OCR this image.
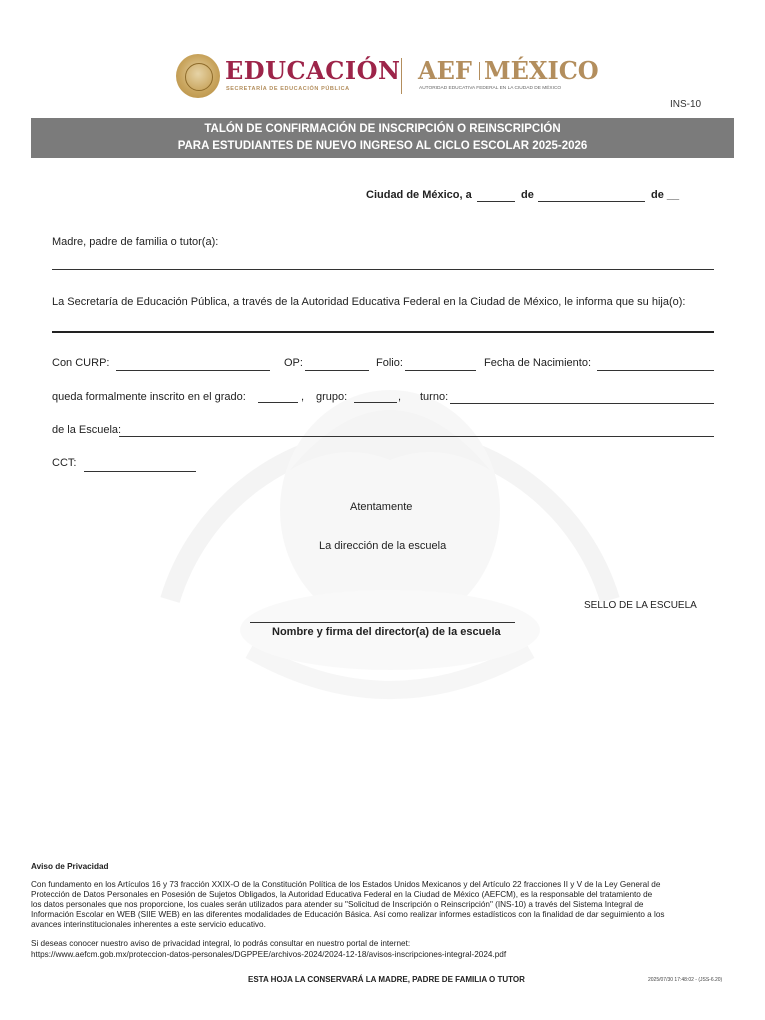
EDUCACIÓN
SECRETARÍA DE EDUCACIÓN PÚBLICA
AEF MÉXICO
AUTORIDAD EDUCATIVA FEDERAL EN LA CIUDAD DE MÉXICO
INS-10
TALÓN DE CONFIRMACIÓN DE INSCRIPCIÓN O REINSCRIPCIÓN
PARA ESTUDIANTES DE NUEVO INGRESO AL CICLO ESCOLAR 2025-2026
Ciudad de México, a	de	de __
Madre, padre de familia o tutor(a):
La Secretaría de Educación Pública, a través de la Autoridad Educativa Federal en la Ciudad de México, le informa que su hija(o):
Con CURP:	OP:	Folio:	Fecha de Nacimiento:
queda formalmente inscrito en el grado:	, grupo:	, turno:
de la Escuela:
CCT:
Atentamente
La dirección de la escuela
SELLO DE LA ESCUELA
Nombre y firma del director(a) de la escuela
Aviso de Privacidad
Con fundamento en los Artículos 16 y 73 fracción XXIX-O de la Constitución Política de los Estados Unidos Mexicanos y del Artículo 22 fracciones II y V de la Ley General de
Protección de Datos Personales en Posesión de Sujetos Obligados, la Autoridad Educativa Federal en la Ciudad de México (AEFCM), es la responsable del tratamiento de
los datos personales que nos proporcione, los cuales serán utilizados para atender su "Solicitud de Inscripción o Reinscripción" (INS-10) a través del Sistema Integral de
Información Escolar en WEB (SIIE WEB) en las diferentes modalidades de Educación Básica. Así como realizar informes estadísticos con la finalidad de dar seguimiento a los
avances interinstitucionales inherentes a este servicio educativo.
Si deseas conocer nuestro aviso de privacidad integral, lo podrás consultar en nuestro portal de internet:
https://www.aefcm.gob.mx/proteccion-datos-personales/DGPPEE/archivos-2024/2024-12-18/avisos-inscripciones-integral-2024.pdf
ESTA HOJA LA CONSERVARÁ LA MADRE, PADRE DE FAMILIA O TUTOR	2025/07/30 17:48:02 - (JSS-6.20)
